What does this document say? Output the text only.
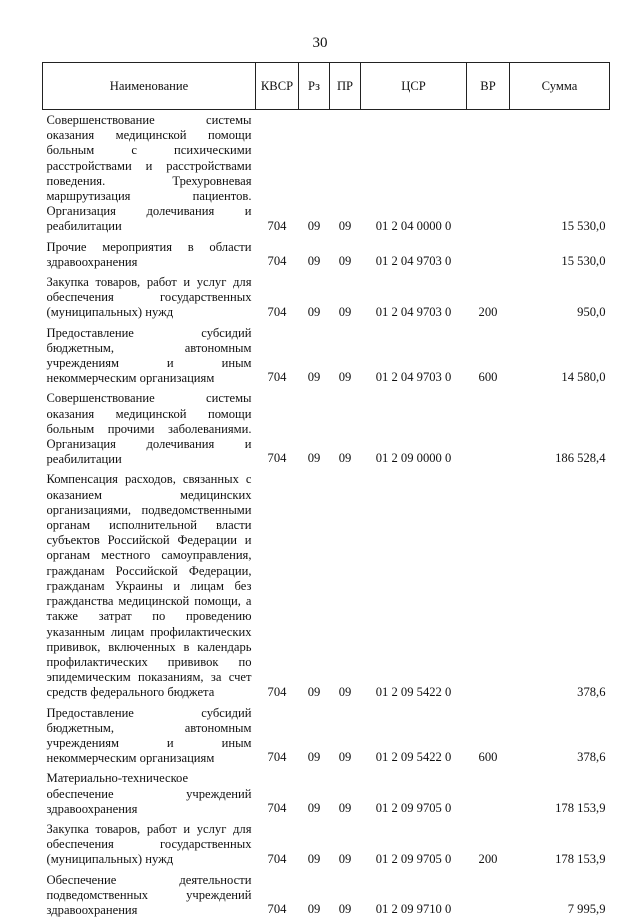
30
Наименование	КВСР	Рз	ПР	ЦСР	ВР	Сумма
Совершенствование системы оказания медицинской помощи больным с психическими расстройствами и расстройствами поведения. Трехуровневая маршрутизация пациентов. Организация долечивания и реабилитации	704	09	09	01 2 04 0000 0		15 530,0
Прочие мероприятия в области здравоохранения	704	09	09	01 2 04 9703 0		15 530,0
Закупка товаров, работ и услуг для обеспечения государственных (муниципальных) нужд	704	09	09	01 2 04 9703 0	200	950,0
Предоставление субсидий бюджетным, автономным учреждениям и иным некоммерческим организациям	704	09	09	01 2 04 9703 0	600	14 580,0
Совершенствование системы оказания медицинской помощи больным прочими заболеваниями. Организация долечивания и реабилитации	704	09	09	01 2 09 0000 0		186 528,4
Компенсация расходов, связанных с оказанием медицинских организациями, подведомственными органам исполнительной власти субъектов Российской Федерации и органам местного самоуправления, гражданам Российской Федерации, гражданам Украины и лицам без гражданства медицинской помощи, а также затрат по проведению указанным лицам профилактических прививок, включенных в календарь профилактических прививок по эпидемическим показаниям, за счет средств федерального бюджета	704	09	09	01 2 09 5422 0		378,6
Предоставление субсидий бюджетным, автономным учреждениям и иным некоммерческим организациям	704	09	09	01 2 09 5422 0	600	378,6
Материально-техническое обеспечение учреждений здравоохранения	704	09	09	01 2 09 9705 0		178 153,9
Закупка товаров, работ и услуг для обеспечения государственных (муниципальных) нужд	704	09	09	01 2 09 9705 0	200	178 153,9
Обеспечение деятельности подведомственных учреждений здравоохранения	704	09	09	01 2 09 9710 0		7 995,9
